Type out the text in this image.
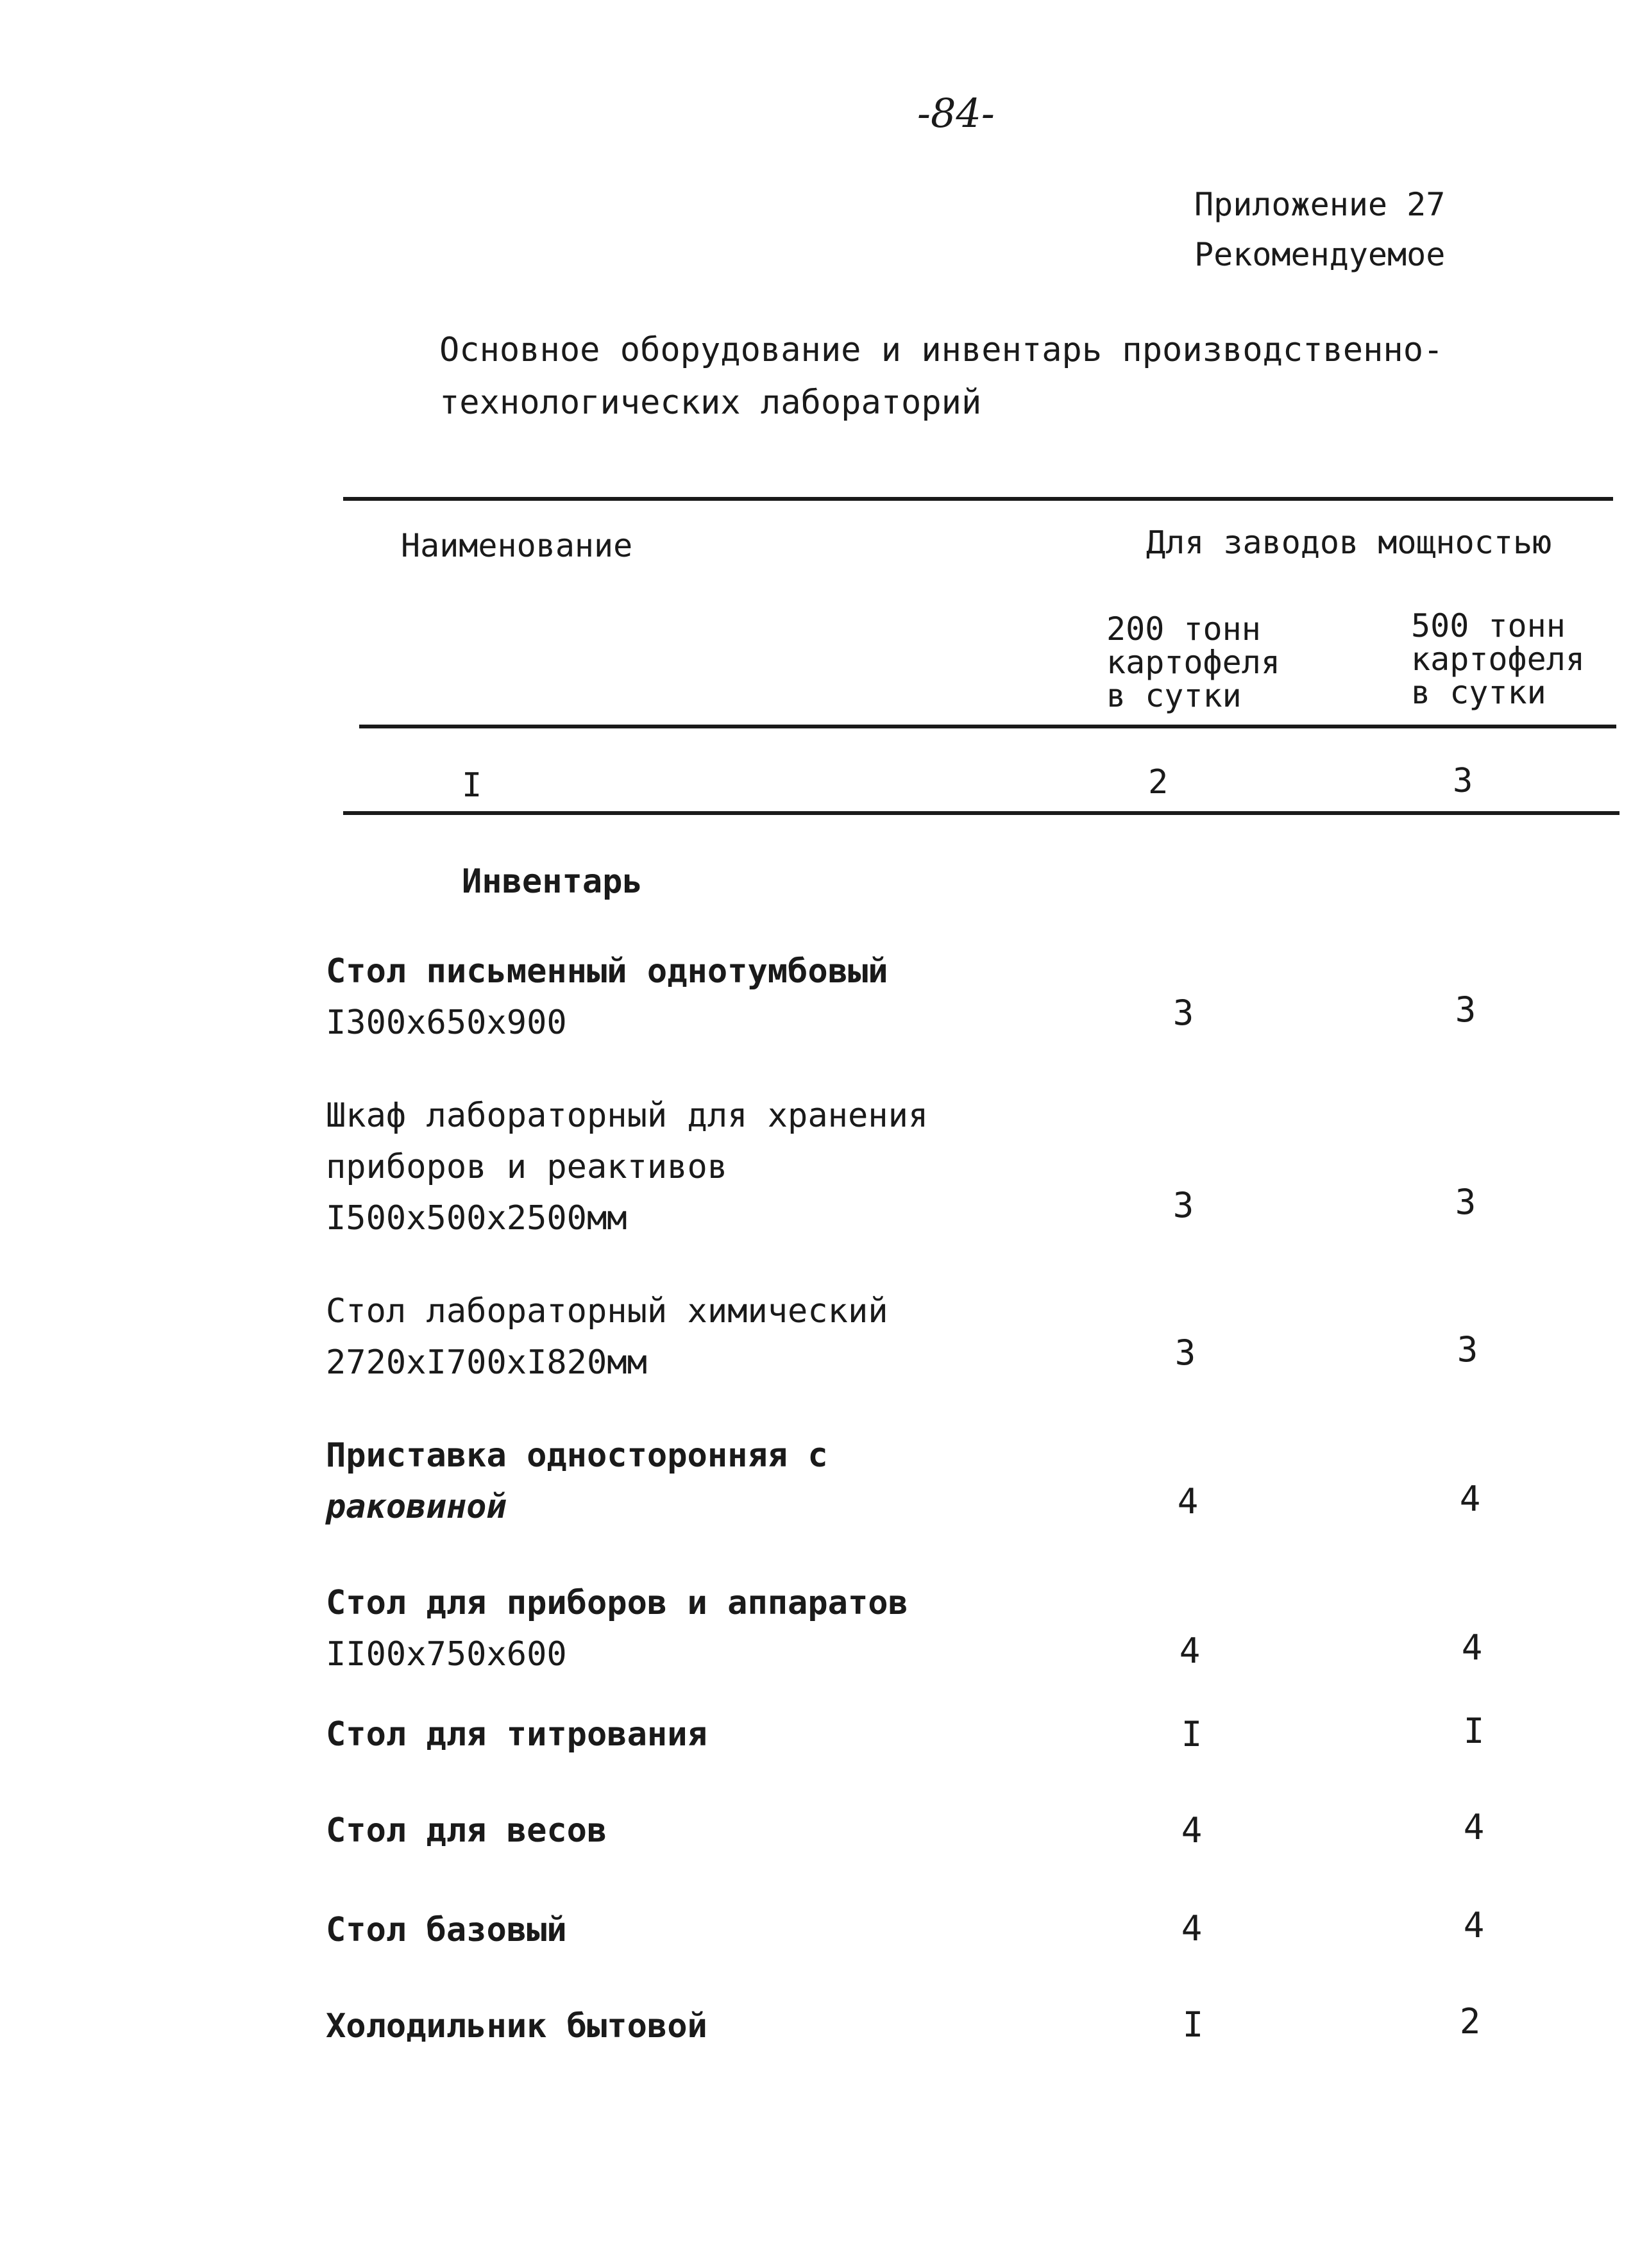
-84-
Приложение 27
Рекомендуемое
Основное оборудование и инвентарь производственно-
технологических лабораторий
Наименование	Для заводов мощностью
200 тонн
картофеля
в сутки
500 тонн
картофеля
в сутки
I	2	3
Инвентарь
Стол письменный однотумбовый
I300x650x900	3	3
Шкаф лабораторный для хранения
приборов и реактивов
I500x500x2500мм	3	3
Стол лабораторный химический
2720xI700xI820мм	3	3
Приставка односторонняя с
раковиной	4	4
Стол для приборов и аппаратов
II00x750x600	4	4
Стол для титрования	I	I
Стол для весов	4	4
Стол базовый	4	4
Холодильник бытовой	I	2
